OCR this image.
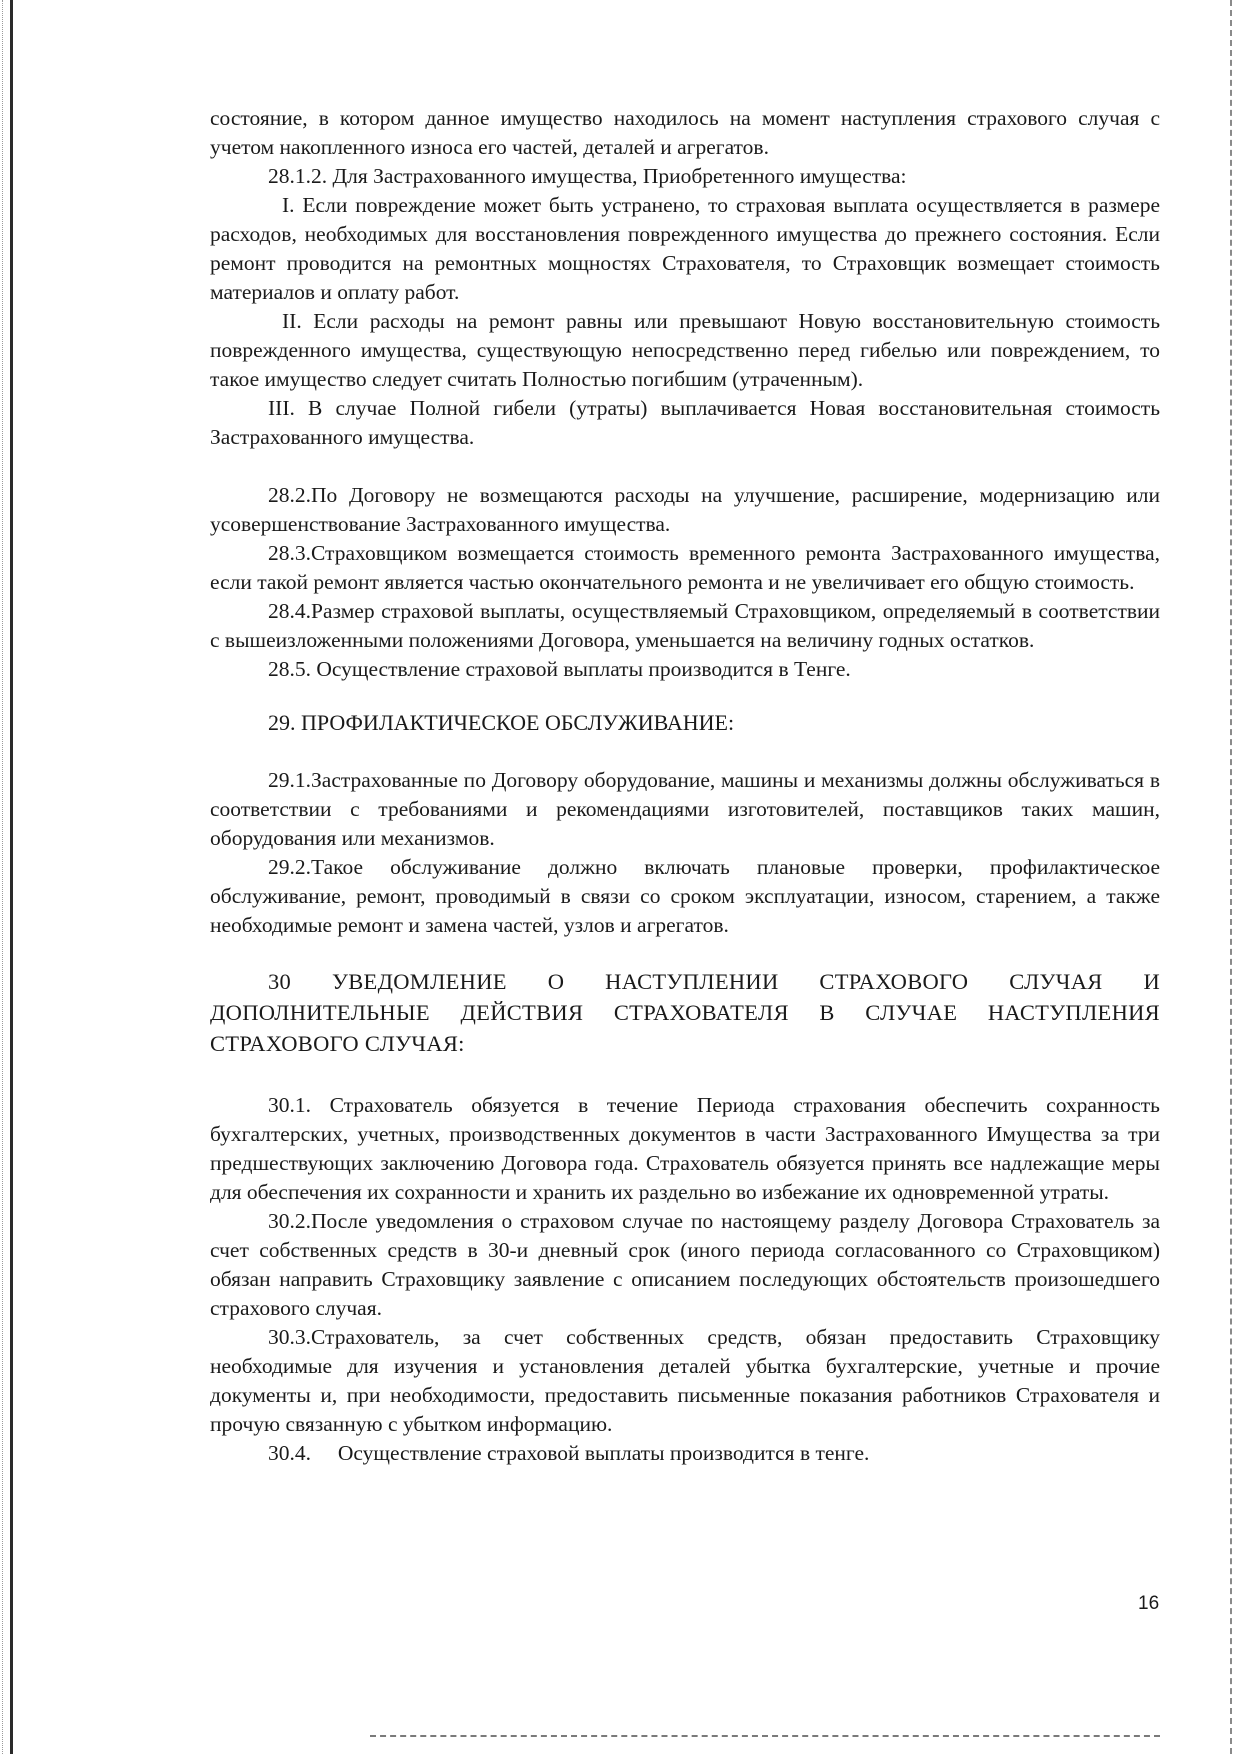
состояние, в котором данное имущество находилось на момент наступления страхового случая с учетом накопленного износа его частей, деталей и агрегатов.

28.1.2. Для Застрахованного имущества, Приобретенного имущества:

I. Если повреждение может быть устранено, то страховая выплата осуществляется в размере расходов, необходимых для восстановления поврежденного имущества до прежнего состояния. Если ремонт проводится на ремонтных мощностях Страхователя, то Страховщик возмещает стоимость материалов и оплату работ.

II. Если расходы на ремонт равны или превышают Новую восстановительную стоимость поврежденного имущества, существующую непосредственно перед гибелью или повреждением, то такое имущество следует считать Полностью погибшим (утраченным).

III. В случае Полной гибели (утраты) выплачивается Новая восстановительная стоимость Застрахованного имущества.

28.2.По Договору не возмещаются расходы на улучшение, расширение, модернизацию или усовершенствование Застрахованного имущества.

28.3.Страховщиком возмещается стоимость временного ремонта Застрахованного имущества, если такой ремонт является частью окончательного ремонта и не увеличивает его общую стоимость.

28.4.Размер страховой выплаты, осуществляемый Страховщиком, определяемый в соответствии с вышеизложенными положениями Договора, уменьшается на величину годных остатков.

28.5. Осуществление страховой выплаты производится в Тенге.

29. ПРОФИЛАКТИЧЕСКОЕ ОБСЛУЖИВАНИЕ:

29.1.Застрахованные по Договору оборудование, машины и механизмы должны обслуживаться в соответствии с требованиями и рекомендациями изготовителей, поставщиков таких машин, оборудования или механизмов.

29.2.Такое обслуживание должно включать плановые проверки, профилактическое обслуживание, ремонт, проводимый в связи со сроком эксплуатации, износом, старением, а также необходимые ремонт и замена частей, узлов и агрегатов.

30 УВЕДОМЛЕНИЕ О НАСТУПЛЕНИИ СТРАХОВОГО СЛУЧАЯ И ДОПОЛНИТЕЛЬНЫЕ ДЕЙСТВИЯ СТРАХОВАТЕЛЯ В СЛУЧАЕ НАСТУПЛЕНИЯ СТРАХОВОГО СЛУЧАЯ:

30.1. Страхователь обязуется в течение Периода страхования обеспечить сохранность бухгалтерских, учетных, производственных документов в части Застрахованного Имущества за три предшествующих заключению Договора года. Страхователь обязуется принять все надлежащие меры для обеспечения их сохранности и хранить их раздельно во избежание их одновременной утраты.

30.2.После уведомления о страховом случае по настоящему разделу Договора Страхователь за счет собственных средств в 30-и дневный срок (иного периода согласованного со Страховщиком) обязан направить Страховщику заявление с описанием последующих обстоятельств произошедшего страхового случая.

30.3.Страхователь, за счет собственных средств, обязан предоставить Страховщику необходимые для изучения и установления деталей убытка бухгалтерские, учетные и прочие документы и, при необходимости, предоставить письменные показания работников Страхователя и прочую связанную с убытком информацию.

30.4.     Осуществление страховой выплаты производится в тенге.

16
